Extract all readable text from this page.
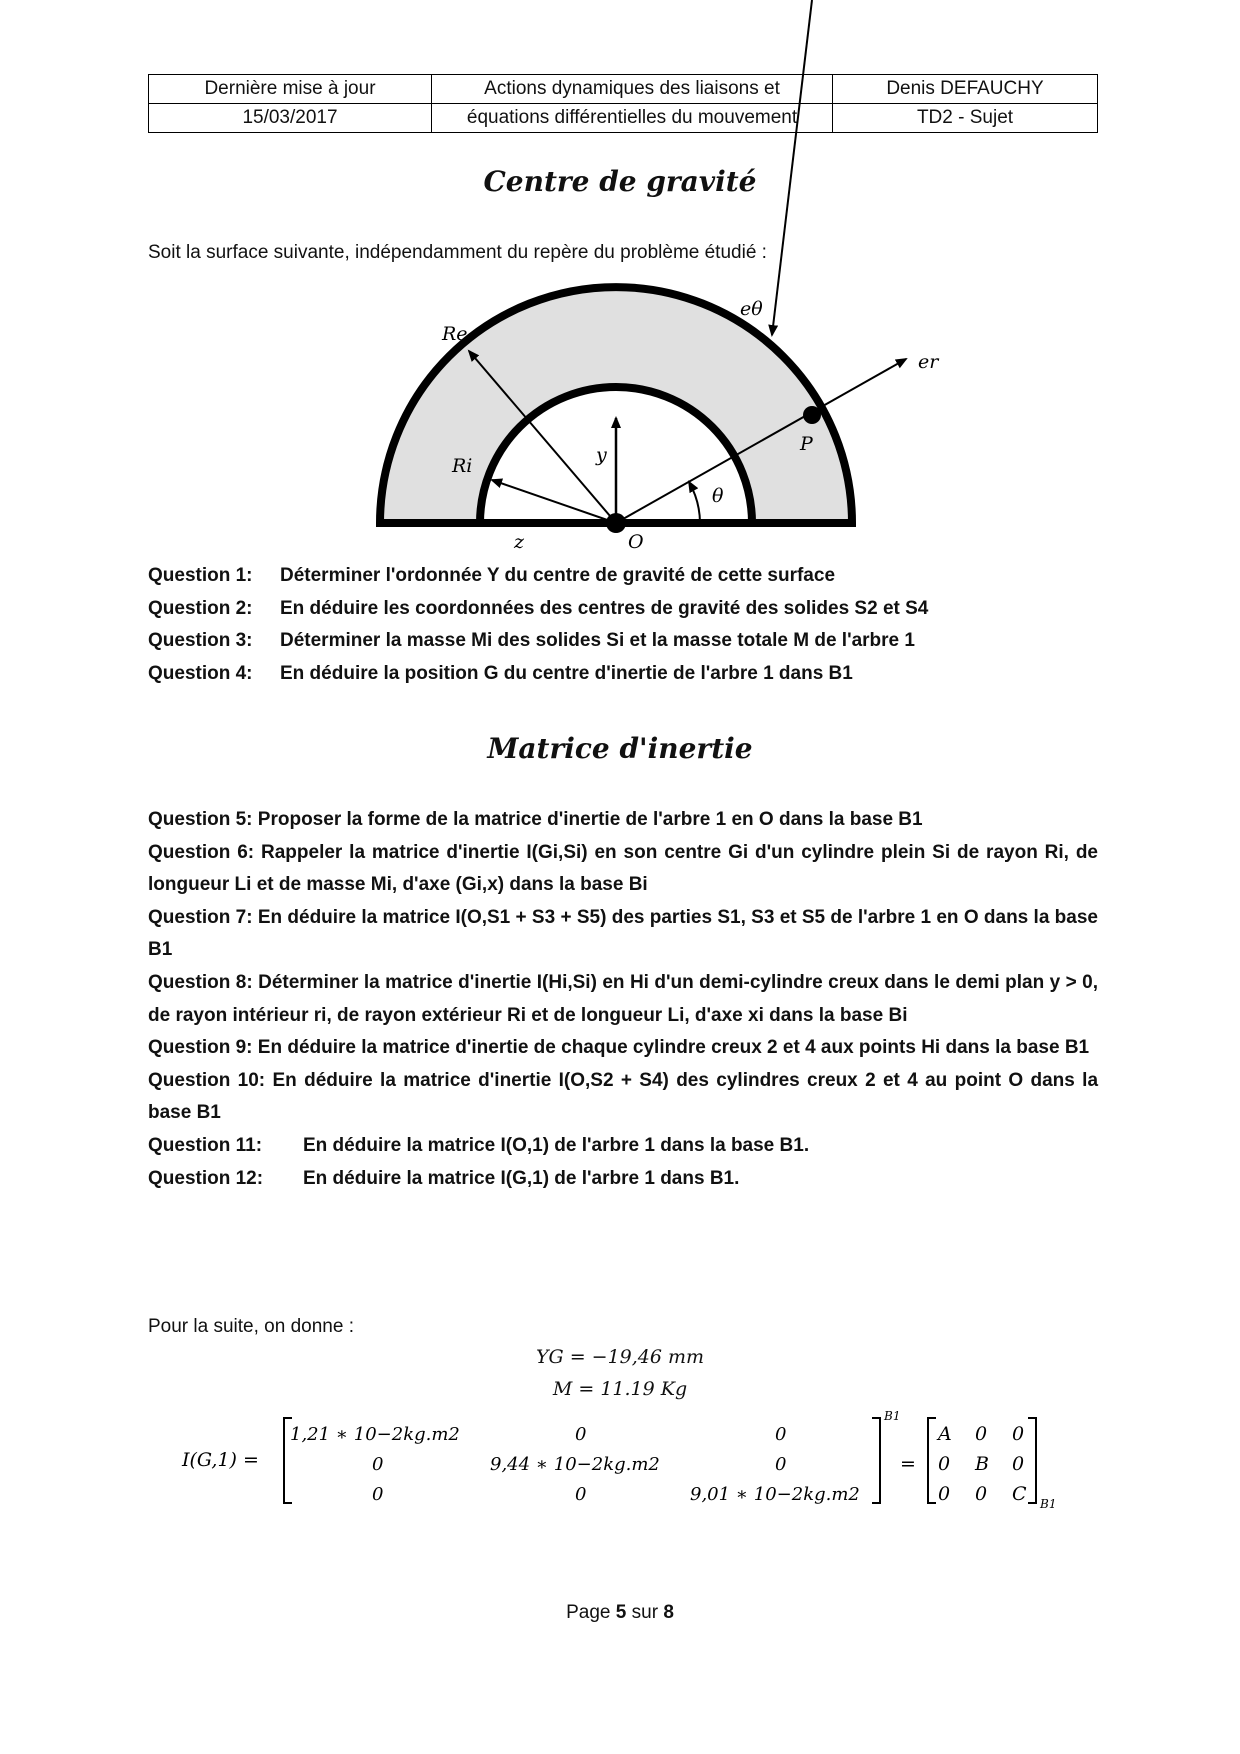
Dernière mise à jour	Actions dynamiques des liaisons et	Denis DEFAUCHY
15/03/2017	équations différentielles du mouvement	TD2 - Sujet
Centre de gravité
Soit la surface suivante, indépendamment du repère du problème étudié :
Re
Ri
eθ
er
P
θ
y
z	O
Question 1:	Déterminer l'ordonnée Y du centre de gravité de cette surface
Question 2:	En déduire les coordonnées des centres de gravité des solides S2 et S4
Question 3:	Déterminer la masse Mi des solides Si et la masse totale M de l'arbre 1
Question 4:	En déduire la position G du centre d'inertie de l'arbre 1 dans B1
Matrice d'inertie
Question 5: Proposer la forme de la matrice d'inertie de l'arbre 1 en O dans la base B1
Question 6: Rappeler la matrice d'inertie I(Gi,Si) en son centre Gi d'un cylindre plein Si de rayon Ri, de longueur Li et de masse Mi, d'axe (Gi,x) dans la base Bi
Question 7: En déduire la matrice I(O,S1 + S3 + S5) des parties S1, S3 et S5 de l'arbre 1 en O dans la base B1
Question 8: Déterminer la matrice d'inertie I(Hi,Si) en Hi d'un demi-cylindre creux dans le demi plan y > 0, de rayon intérieur ri, de rayon extérieur Ri et de longueur Li, d'axe xi dans la base Bi
Question 9: En déduire la matrice d'inertie de chaque cylindre creux 2 et 4 aux points Hi dans la base B1
Question 10: En déduire la matrice d'inertie I(O,S2 + S4) des cylindres creux 2 et 4 au point O dans la base B1
Question 11:	En déduire la matrice I(O,1) de l'arbre 1 dans la base B1.
Question 12:	En déduire la matrice I(G,1) de l'arbre 1 dans B1.
Pour la suite, on donne :
YG = −19,46 mm
M = 11.19 Kg
I(G,1) =
B1
1,21 ∗ 10−2kg.m2	0	0
0	9,44 ∗ 10−2kg.m2	0
0	0	9,01 ∗ 10−2kg.m2
=
A 0 0
0 B 0
0 0 C B1
Page 5 sur 8
